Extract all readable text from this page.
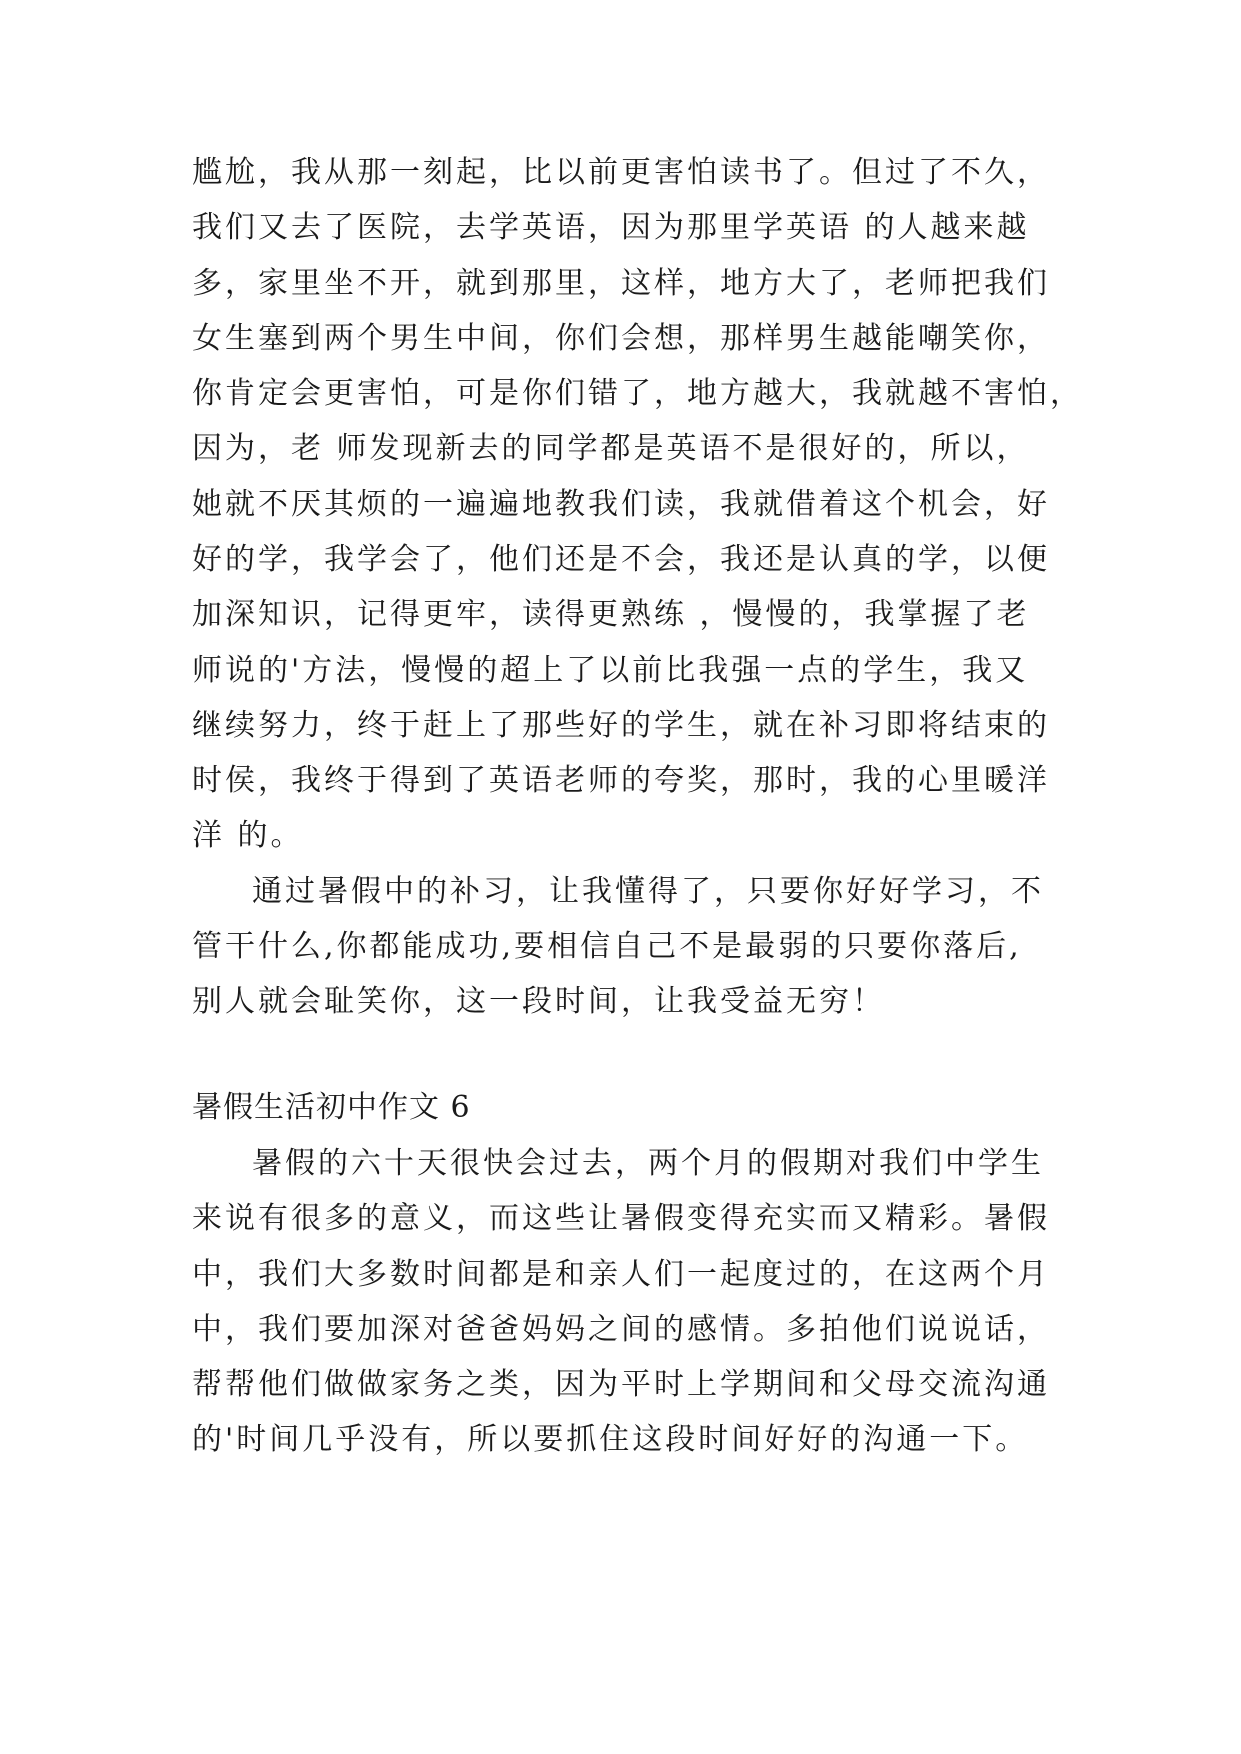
尴尬，我从那一刻起，比以前更害怕读书了。但过了不久，
我们又去了医院，去学英语，因为那里学英语 的人越来越
多，家里坐不开，就到那里，这样，地方大了，老师把我们
女生塞到两个男生中间，你们会想，那样男生越能嘲笑你，
你肯定会更害怕，可是你们错了，地方越大，我就越不害怕，
因为，老 师发现新去的同学都是英语不是很好的，所以，
她就不厌其烦的一遍遍地教我们读，我就借着这个机会，好
好的学，我学会了，他们还是不会，我还是认真的学，以便
加深知识，记得更牢，读得更熟练 ，慢慢的，我掌握了老
师说的'方法，慢慢的超上了以前比我强一点的学生，我又
继续努力，终于赶上了那些好的学生，就在补习即将结束的
时侯，我终于得到了英语老师的夸奖，那时，我的心里暖洋
洋 的。
通过暑假中的补习，让我懂得了，只要你好好学习，不
管干什么,你都能成功,要相信自己不是最弱的只要你落后,
别人就会耻笑你，这一段时间，让我受益无穷！
暑假生活初中作文 6
暑假的六十天很快会过去，两个月的假期对我们中学生
来说有很多的意义，而这些让暑假变得充实而又精彩。暑假
中，我们大多数时间都是和亲人们一起度过的，在这两个月
中，我们要加深对爸爸妈妈之间的感情。多拍他们说说话，
帮帮他们做做家务之类，因为平时上学期间和父母交流沟通
的'时间几乎没有，所以要抓住这段时间好好的沟通一下。
